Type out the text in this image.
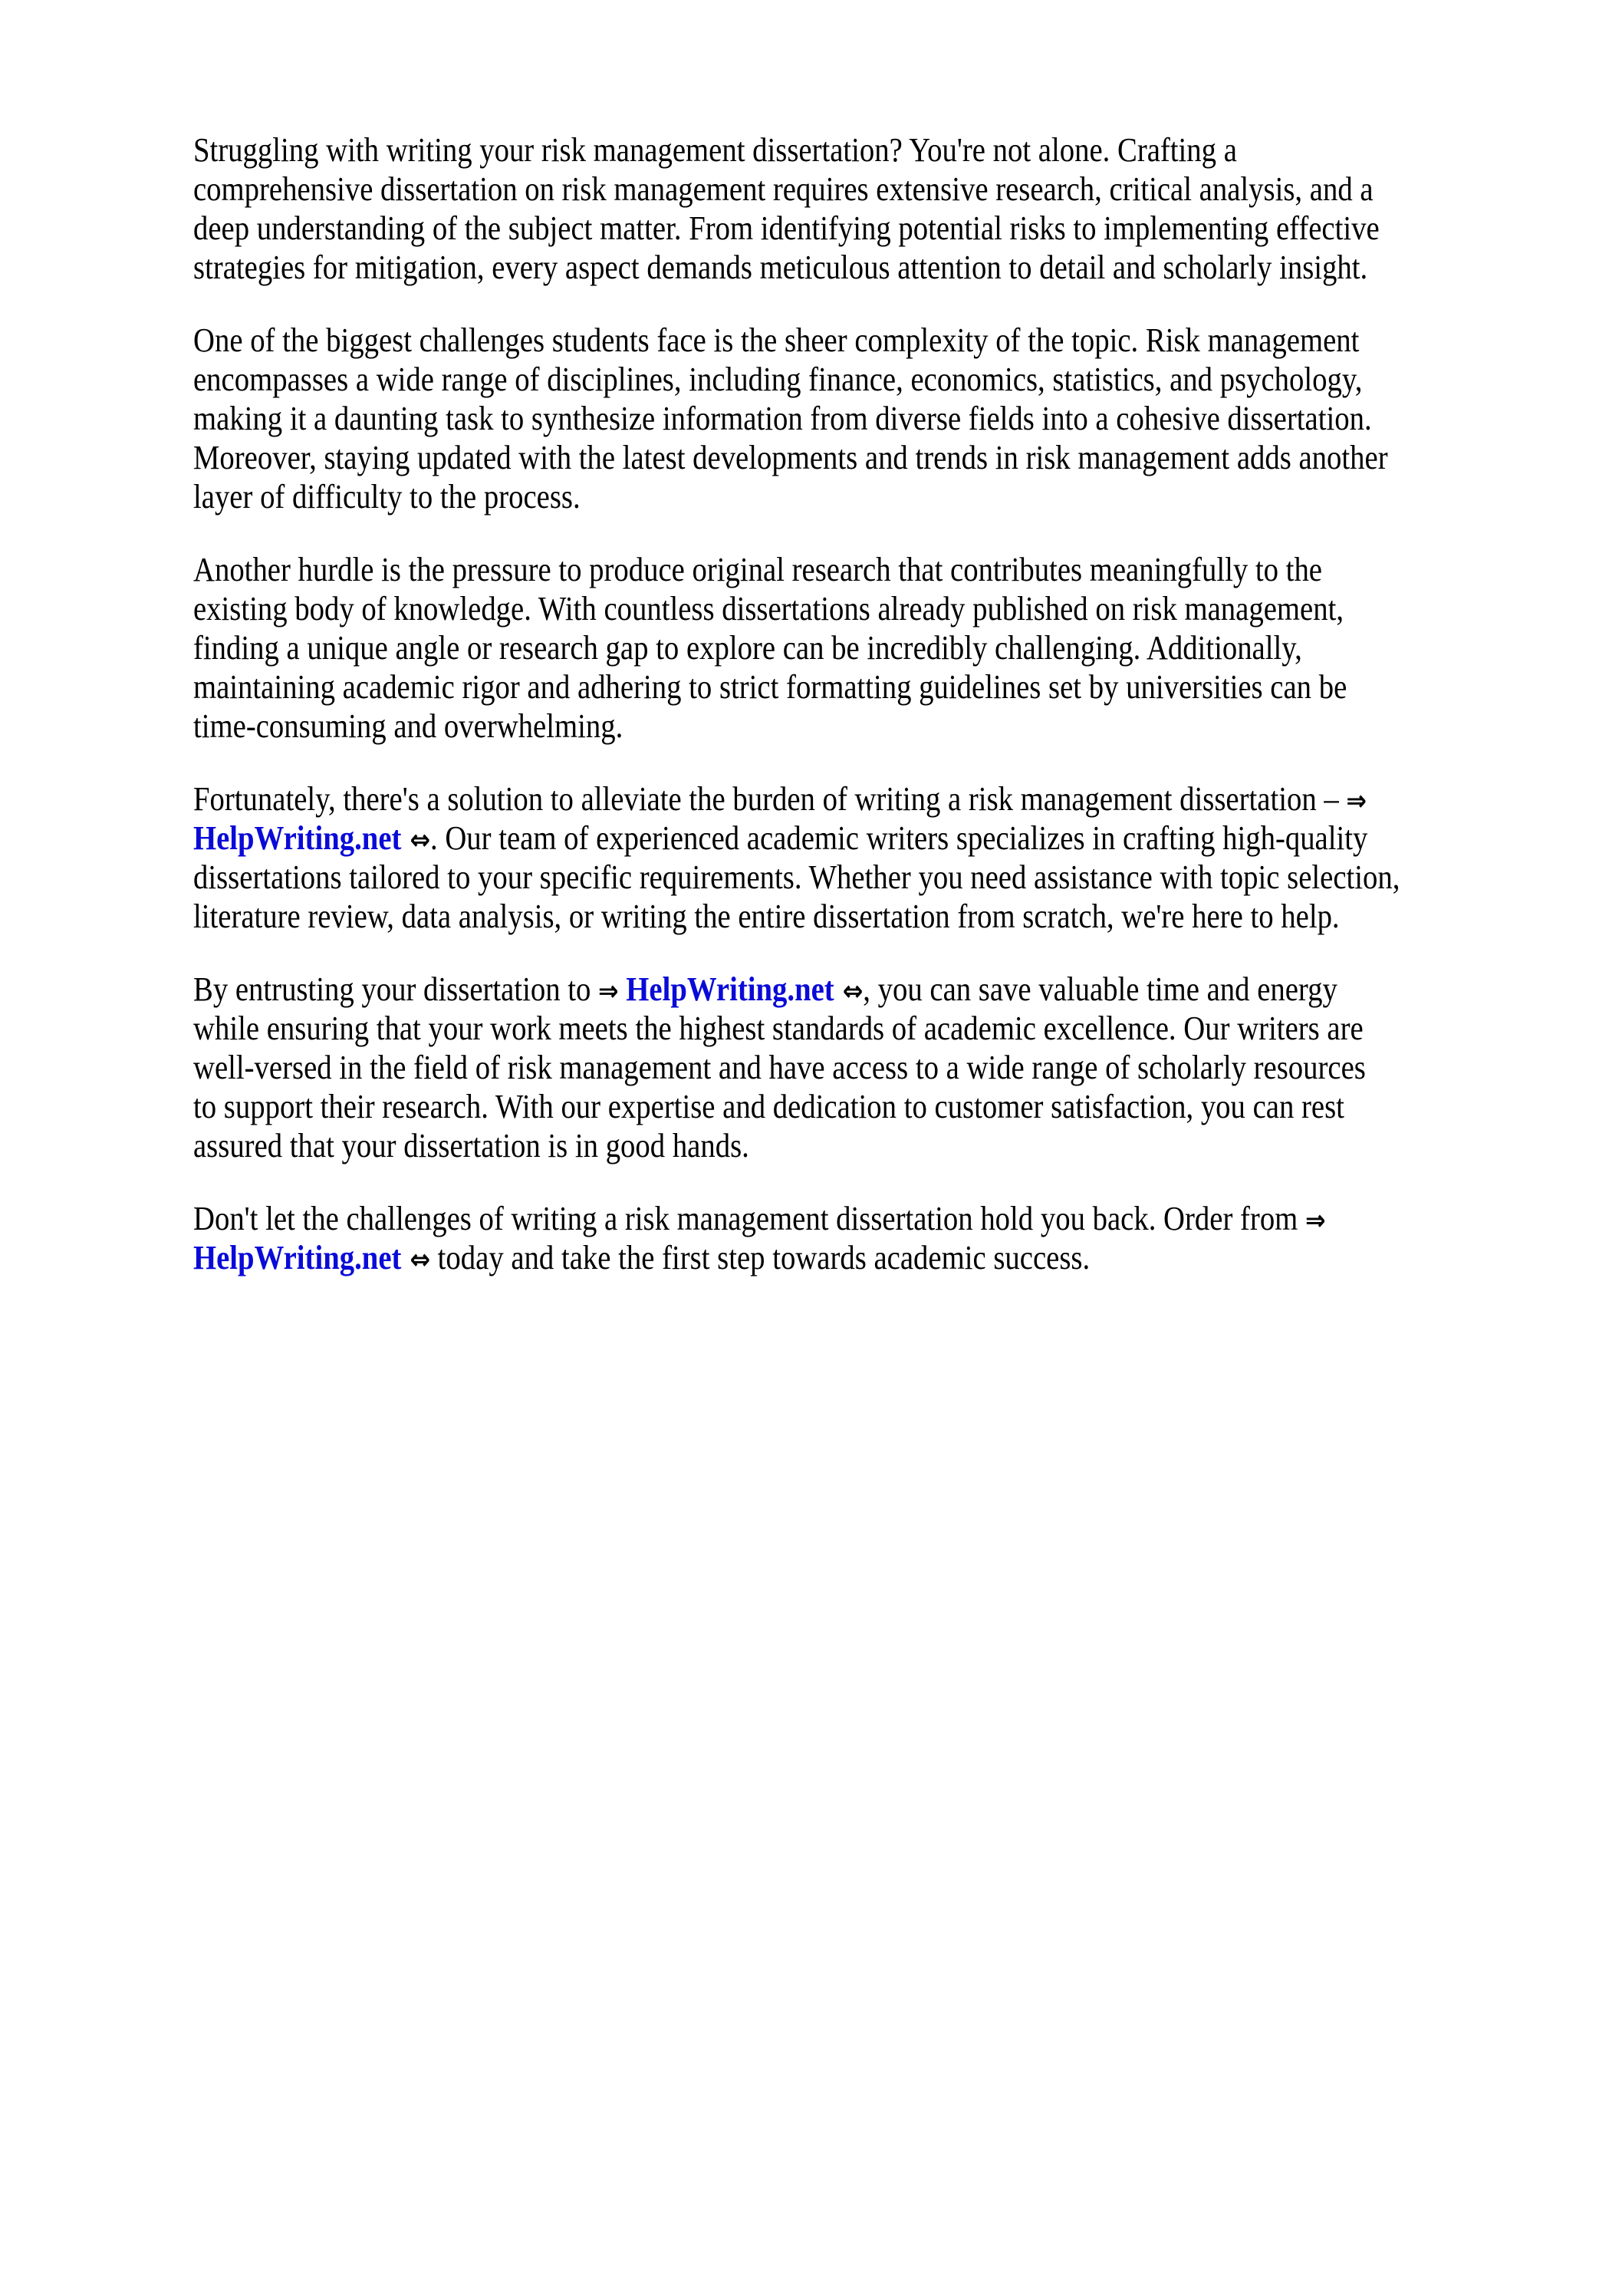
Struggling with writing your risk management dissertation? You're not alone. Crafting a
comprehensive dissertation on risk management requires extensive research, critical analysis, and a
deep understanding of the subject matter. From identifying potential risks to implementing effective
strategies for mitigation, every aspect demands meticulous attention to detail and scholarly insight.
One of the biggest challenges students face is the sheer complexity of the topic. Risk management
encompasses a wide range of disciplines, including finance, economics, statistics, and psychology,
making it a daunting task to synthesize information from diverse fields into a cohesive dissertation.
Moreover, staying updated with the latest developments and trends in risk management adds another
layer of difficulty to the process.
Another hurdle is the pressure to produce original research that contributes meaningfully to the
existing body of knowledge. With countless dissertations already published on risk management,
finding a unique angle or research gap to explore can be incredibly challenging. Additionally,
maintaining academic rigor and adhering to strict formatting guidelines set by universities can be
time-consuming and overwhelming.
Fortunately, there's a solution to alleviate the burden of writing a risk management dissertation – ⇒
HelpWriting.net ⇔. Our team of experienced academic writers specializes in crafting high-quality
dissertations tailored to your specific requirements. Whether you need assistance with topic selection,
literature review, data analysis, or writing the entire dissertation from scratch, we're here to help.
By entrusting your dissertation to ⇒ HelpWriting.net ⇔, you can save valuable time and energy
while ensuring that your work meets the highest standards of academic excellence. Our writers are
well-versed in the field of risk management and have access to a wide range of scholarly resources
to support their research. With our expertise and dedication to customer satisfaction, you can rest
assured that your dissertation is in good hands.
Don't let the challenges of writing a risk management dissertation hold you back. Order from ⇒
HelpWriting.net ⇔ today and take the first step towards academic success.
